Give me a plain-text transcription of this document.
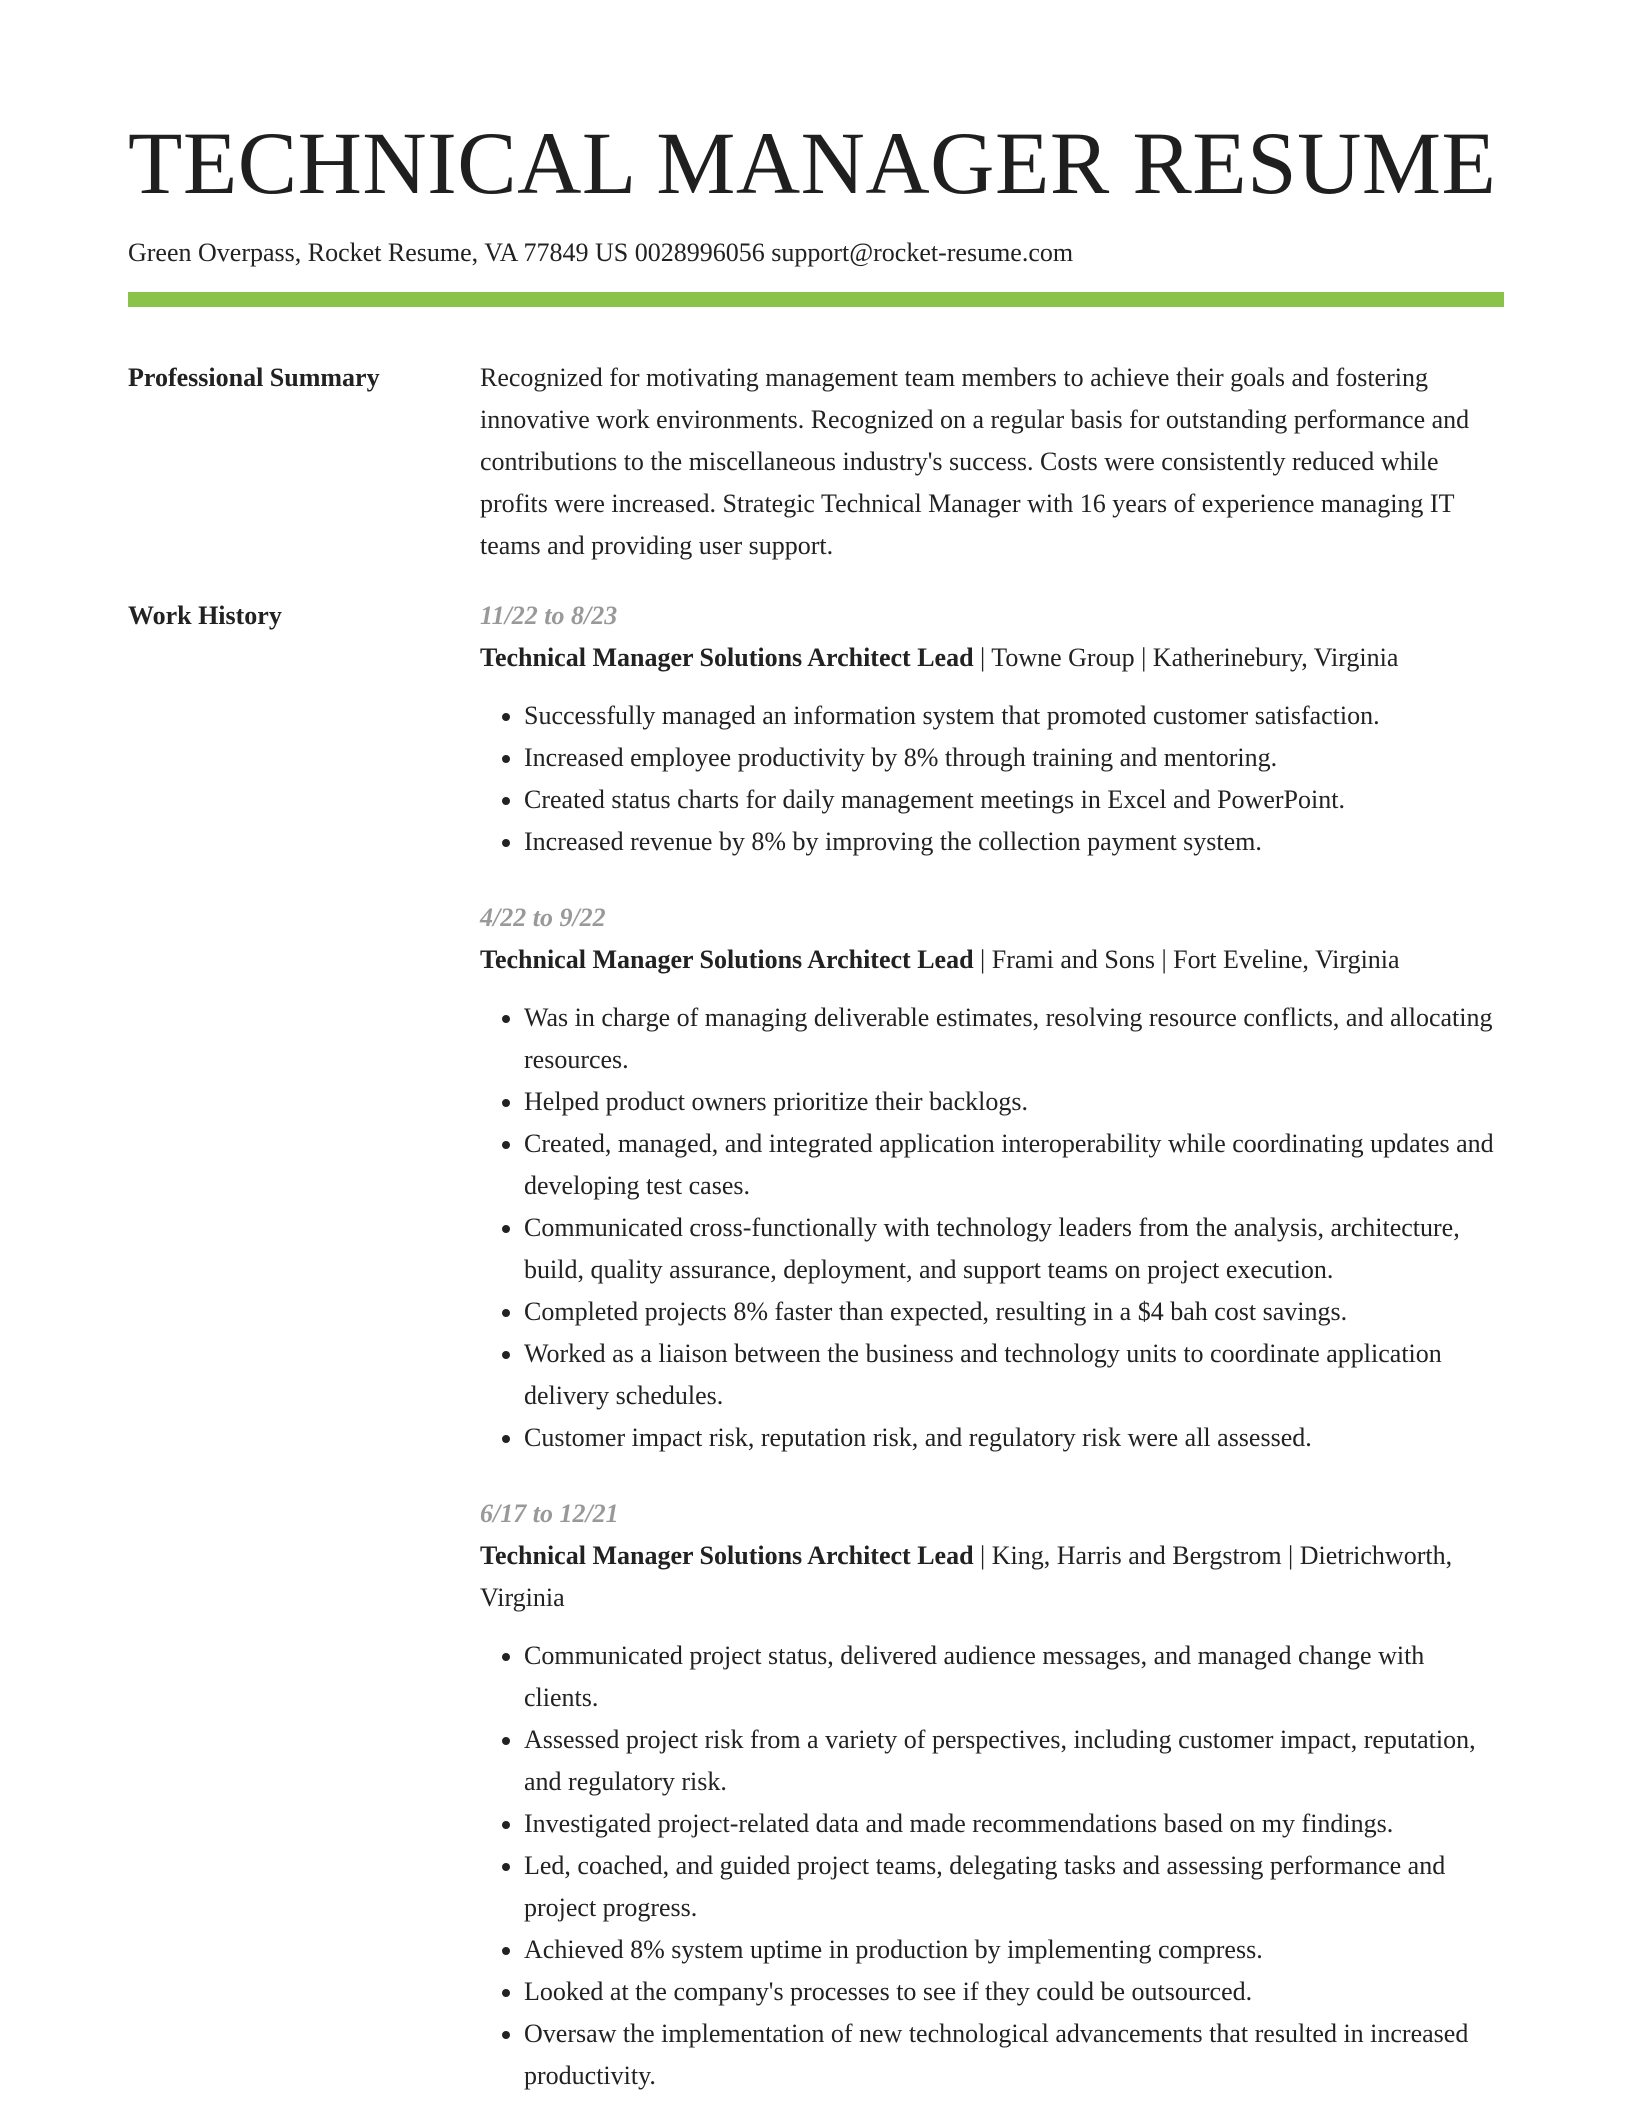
TECHNICAL MANAGER RESUME
Green Overpass, Rocket Resume, VA 77849 US 0028996056 support@rocket-resume.com
Professional Summary	Recognized for motivating management team members to achieve their goals and fostering innovative work environments. Recognized on a regular basis for outstanding performance and contributions to the miscellaneous industry's success. Costs were consistently reduced while profits were increased. Strategic Technical Manager with 16 years of experience managing IT teams and providing user support.

Work History	11/22 to 8/23
Technical Manager Solutions Architect Lead | Towne Group | Katherinebury, Virginia
• Successfully managed an information system that promoted customer satisfaction.
• Increased employee productivity by 8% through training and mentoring.
• Created status charts for daily management meetings in Excel and PowerPoint.
• Increased revenue by 8% by improving the collection payment system.
4/22 to 9/22
Technical Manager Solutions Architect Lead | Frami and Sons | Fort Eveline, Virginia
• Was in charge of managing deliverable estimates, resolving resource conflicts, and allocating resources.
• Helped product owners prioritize their backlogs.
• Created, managed, and integrated application interoperability while coordinating updates and developing test cases.
• Communicated cross-functionally with technology leaders from the analysis, architecture, build, quality assurance, deployment, and support teams on project execution.
• Completed projects 8% faster than expected, resulting in a $4 bah cost savings.
• Worked as a liaison between the business and technology units to coordinate application delivery schedules.
• Customer impact risk, reputation risk, and regulatory risk were all assessed.
6/17 to 12/21
Technical Manager Solutions Architect Lead | King, Harris and Bergstrom | Dietrichworth, Virginia
• Communicated project status, delivered audience messages, and managed change with clients.
• Assessed project risk from a variety of perspectives, including customer impact, reputation, and regulatory risk.
• Investigated project-related data and made recommendations based on my findings.
• Led, coached, and guided project teams, delegating tasks and assessing performance and project progress.
• Achieved 8% system uptime in production by implementing compress.
• Looked at the company's processes to see if they could be outsourced.
• Oversaw the implementation of new technological advancements that resulted in increased productivity.
